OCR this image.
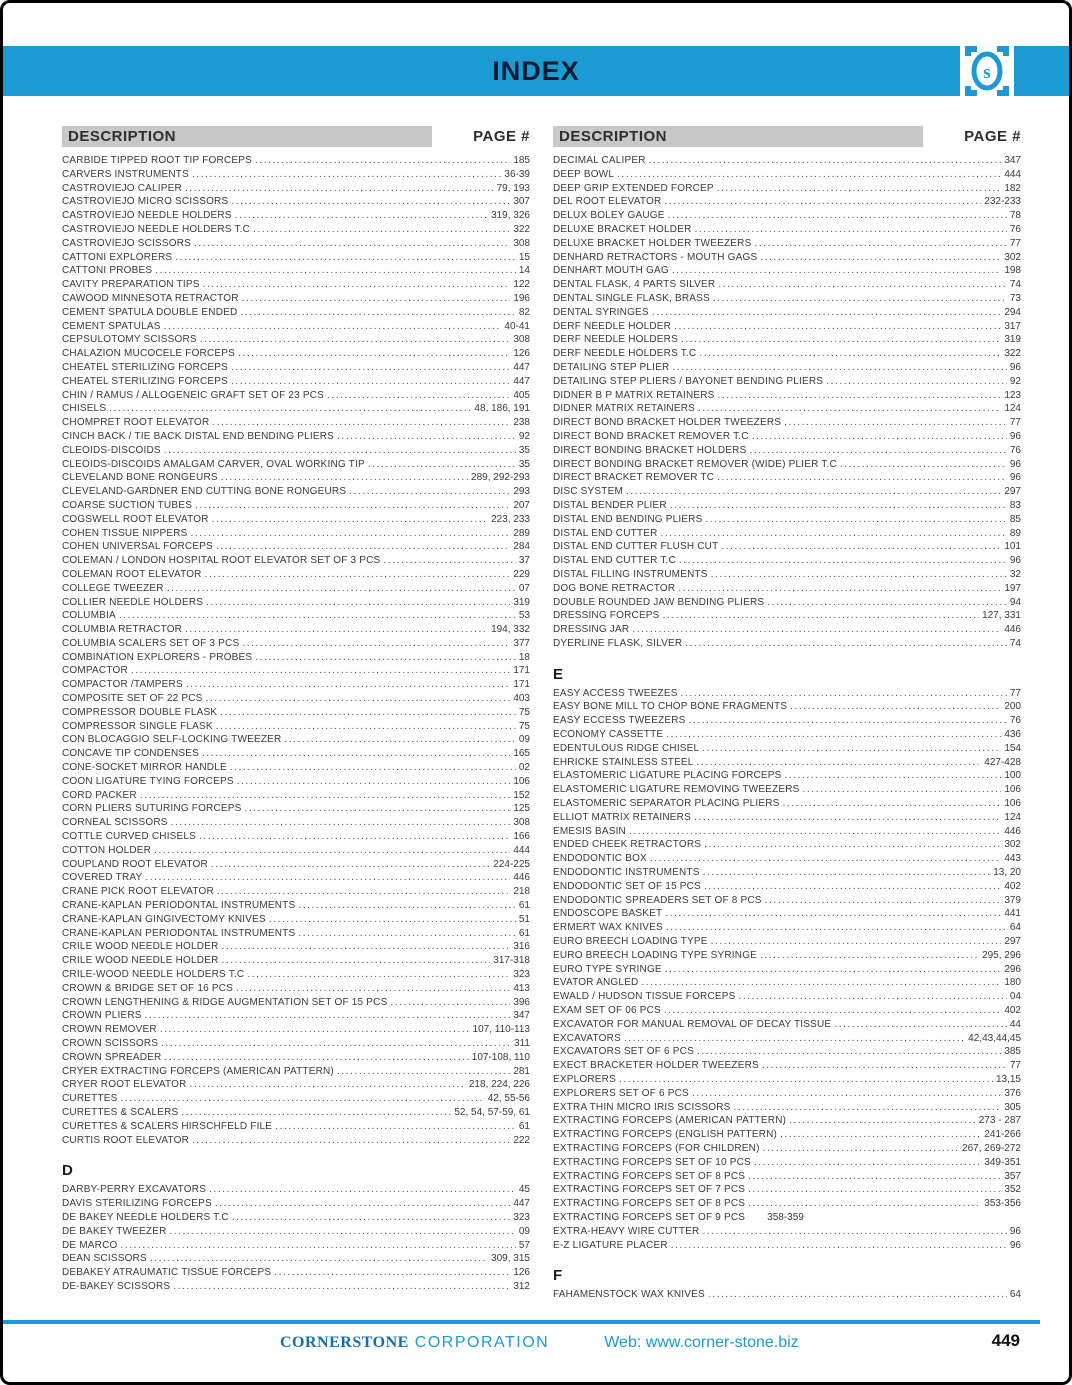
INDEX	s
DESCRIPTION	PAGE #
CARBIDE TIPPED ROOT TIP FORCEPS .....	185
CARVERS INSTRUMENTS .....	36-39
CASTROVIEJO CALIPER .....	79, 193
CASTROVIEJO MICRO SCISSORS .....	307
CASTROVIEJO NEEDLE HOLDERS .....	319, 326
CASTROVIEJO NEEDLE HOLDERS T.C .....	322
CASTROVIEJO SCISSORS .....	308
CATTONI EXPLORERS .....	15
CATTONI PROBES .....	14
CAVITY PREPARATION TIPS .....	122
CAWOOD MINNESOTA RETRACTOR .....	196
CEMENT SPATULA DOUBLE ENDED .....	82
CEMENT SPATULAS .....	40-41
CEPSULOTOMY SCISSORS .....	308
CHALAZION MUCOCELE FORCEPS .....	126
CHEATEL STERILIZING FORCEPS .....	447
CHEATEL STERILIZING FORCEPS .....	447
CHIN / RAMUS / ALLOGENEIC GRAFT SET OF 23 PCS .....	405
CHISELS .....	48, 186, 191
CHOMPRET ROOT ELEVATOR .....	238
CINCH BACK / TIE BACK DISTAL END BENDING PLIERS .....	92
CLEOIDS-DISCOIDS .....	35
CLEOIDS-DISCOIDS AMALGAM CARVER, OVAL WORKING TIP .....	35
CLEVELAND BONE RONGEURS .....	289, 292-293
CLEVELAND-GARDNER END CUTTING BONE RONGEURS .....	293
COARSE SUCTION TUBES .....	207
COGSWELL ROOT ELEVATOR .....	223, 233
COHEN TISSUE NIPPERS .....	289
COHEN UNIVERSAL FORCEPS .....	284
COLEMAN / LONDON HOSPITAL ROOT ELEVATOR SET OF 3 PCS .....	37
COLEMAN ROOT ELEVATOR .....	229
COLLEGE TWEEZER .....	07
COLLIER NEEDLE HOLDERS .....	319
COLUMBIA .....	53
COLUMBIA RETRACTOR .....	194, 332
COLUMBIA SCALERS SET OF 3 PCS .....	377
COMBINATION EXPLORERS - PROBES .....	18
COMPACTOR .....	171
COMPACTOR /TAMPERS .....	171
COMPOSITE SET OF 22 PCS .....	403
COMPRESSOR DOUBLE FLASK .....	75
COMPRESSOR SINGLE FLASK .....	75
CON BLOCAGGIO SELF-LOCKING TWEEZER .....	09
CONCAVE TIP CONDENSES .....	165
CONE-SOCKET MIRROR HANDLE .....	02
COON LIGATURE TYING FORCEPS .....	106
CORD PACKER .....	152
CORN PLIERS SUTURING FORCEPS .....	125
CORNEAL SCISSORS .....	308
COTTLE CURVED CHISELS .....	166
COTTON HOLDER .....	444
COUPLAND ROOT ELEVATOR .....	224-225
COVERED TRAY .....	446
CRANE PICK ROOT ELEVATOR .....	218
CRANE-KAPLAN PERIODONTAL INSTRUMENTS .....	61
CRANE-KAPLAN GINGIVECTOMY KNIVES .....	51
CRANE-KAPLAN PERIODONTAL INSTRUMENTS .....	61
CRILE WOOD NEEDLE HOLDER .....	316
CRILE WOOD NEEDLE HOLDER .....	317-318
CRILE-WOOD NEEDLE HOLDERS T.C .....	323
CROWN & BRIDGE SET OF 16 PCS .....	413
CROWN LENGTHENING & RIDGE AUGMENTATION SET OF 15 PCS .....	396
CROWN PLIERS .....	347
CROWN REMOVER .....	107, 110-113
CROWN SCISSORS .....	311
CROWN SPREADER .....	107-108, 110
CRYER EXTRACTING FORCEPS (AMERICAN PATTERN) .....	281
CRYER ROOT ELEVATOR .....	218, 224, 226
CURETTES .....	42, 55-56
CURETTES & SCALERS .....	52, 54, 57-59, 61
CURETTES & SCALERS HIRSCHFELD FILE .....	61
CURTIS ROOT ELEVATOR .....	222
D
DARBY-PERRY EXCAVATORS .....	45
DAVIS STERILIZING FORCEPS .....	447
DE BAKEY NEEDLE HOLDERS T.C .....	323
DE BAKEY TWEEZER .....	09
DE MARCO .....	57
DEAN SCISSORS .....	309, 315
DEBAKEY ATRAUMATIC TISSUE FORCEPS .....	126
DE-BAKEY SCISSORS .....	312
DESCRIPTION	PAGE #
DECIMAL CALIPER .....	347
DEEP BOWL .....	444
DEEP GRIP EXTENDED FORCEP .....	182
DEL ROOT ELEVATOR .....	232-233
DELUX BOLEY GAUGE .....	78
DELUXE BRACKET HOLDER .....	76
DELUXE BRACKET HOLDER TWEEZERS .....	77
DENHARD RETRACTORS - MOUTH GAGS .....	302
DENHART MOUTH GAG .....	198
DENTAL FLASK, 4 PARTS SILVER .....	74
DENTAL SINGLE FLASK, BRASS .....	73
DENTAL SYRINGES .....	294
DERF NEEDLE HOLDER .....	317
DERF NEEDLE HOLDERS .....	319
DERF NEEDLE HOLDERS T.C .....	322
DETAILING STEP PLIER .....	96
DETAILING STEP PLIERS / BAYONET BENDING PLIERS .....	92
DIDNER B P MATRIX RETAINERS .....	123
DIDNER MATRIX RETAINERS .....	124
DIRECT BOND BRACKET HOLDER TWEEZERS .....	77
DIRECT BOND BRACKET REMOVER T.C .....	96
DIRECT BONDING BRACKET HOLDERS .....	76
DIRECT BONDING BRACKET REMOVER (WIDE) PLIER T.C .....	96
DIRECT BRACKET REMOVER TC .....	96
DISC SYSTEM .....	297
DISTAL BENDER PLIER .....	83
DISTAL END BENDING PLIERS .....	85
DISTAL END CUTTER .....	89
DISTAL END CUTTER FLUSH CUT .....	101
DISTAL END CUTTER T.C .....	96
DISTAL FILLING INSTRUMENTS .....	32
DOG BONE RETRACTOR .....	197
DOUBLE ROUNDED JAW BENDING PLIERS .....	94
DRESSING FORCEPS .....	127, 331
DRESSING JAR .....	446
DYERLINE FLASK, SILVER .....	74
E
EASY ACCESS TWEEZES .....	77
EASY BONE MILL TO CHOP BONE FRAGMENTS .....	200
EASY ECCESS TWEEZERS .....	76
ECONOMY CASSETTE .....	436
EDENTULOUS RIDGE CHISEL .....	154
EHRICKE STAINLESS STEEL .....	427-428
ELASTOMERIC LIGATURE PLACING FORCEPS .....	100
ELASTOMERIC LIGATURE REMOVING TWEEZERS .....	106
ELASTOMERIC SEPARATOR PLACING PLIERS .....	106
ELLIOT MATRIX RETAINERS .....	124
EMESIS BASIN .....	446
ENDED CHEEK RETRACTORS .....	302
ENDODONTIC BOX .....	443
ENDODONTIC INSTRUMENTS .....	13, 20
ENDODONTIC SET OF 15 PCS .....	402
ENDODONTIC SPREADERS SET OF 8 PCS .....	379
ENDOSCOPE BASKET .....	441
ERMERT WAX KNIVES .....	64
EURO BREECH LOADING TYPE .....	297
EURO BREECH LOADING TYPE SYRINGE .....	295, 296
EURO TYPE SYRINGE .....	296
EVATOR ANGLED .....	180
EWALD / HUDSON TISSUE FORCEPS .....	04
EXAM SET OF 06 PCS .....	402
EXCAVATOR FOR MANUAL REMOVAL OF DECAY TISSUE .....	44
EXCAVATORS .....	42,43,44,45
EXCAVATORS SET OF 6 PCS .....	385
EXECT BRACKETER HOLDER TWEEZERS .....	77
EXPLORERS .....	13,15
EXPLORERS SET OF 6 PCS .....	376
EXTRA THIN MICRO IRIS SCISSORS .....	305
EXTRACTING FORCEPS (AMERICAN PATTERN) .....	273 - 287
EXTRACTING FORCEPS (ENGLISH PATTERN) .....	241-266
EXTRACTING FORCEPS (FOR CHILDREN) .....	267, 269-272
EXTRACTING FORCEPS SET OF 10 PCS .....	349-351
EXTRACTING FORCEPS SET OF 8 PCS .....	357
EXTRACTING FORCEPS SET OF 7 PCS .....	352
EXTRACTING FORCEPS SET OF 8 PCS .....	353-356
EXTRACTING FORCEPS SET OF 9 PCS 358-359
EXTRA-HEAVY WIRE CUTTER .....	96
E-Z LIGATURE PLACER .....	96
F
FAHAMENSTOCK WAX KNIVES .....	64
CORNERSTONE CORPORATION	Web: www.corner-stone.biz	449
